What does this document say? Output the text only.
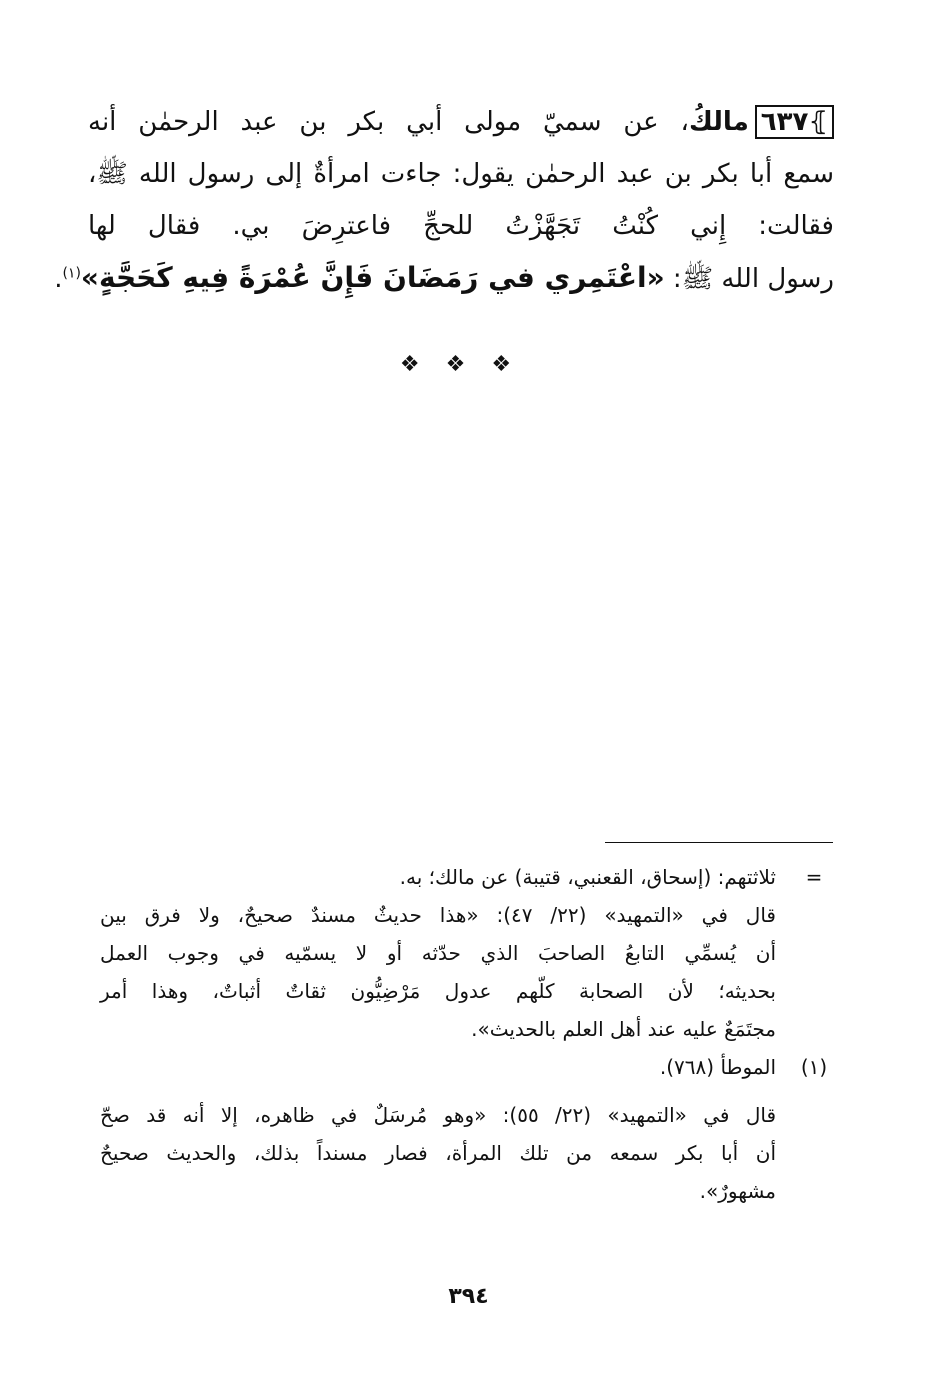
⦄٦٣٧مالكُ، عن سميّ مولى أبي بكر بن عبد الرحمٰن أنه
سمع أبا بكر بن عبد الرحمٰن يقول: جاءت امرأةٌ إلى رسول الله ﷺ،
فقالت: إِني كُنْتُ تَجَهَّزْتُ للحجِّ فاعترِضَ بي. فقال لها
رسول الله ﷺ: «اعْتَمِري في رَمَضَانَ فَإِنَّ عُمْرَةً فِيهِ كَحَجَّةٍ»$^{(١)}$.
❖❖❖
=
ثلاثتهم: (إسحاق، القعنبي، قتيبة) عن مالك؛ به.
قال في «التمهيد» (٢٢/ ٤٧): «هذا حديثٌ مسندٌ صحيحٌ، ولا فرق بين
أن يُسمِّي التابعُ الصاحبَ الذي حدّثه أو لا يسمّيه في وجوب العمل
بحديثه؛ لأن الصحابة كلّهم عدول مَرْضِيُّون ثقاتٌ أثباتٌ، وهذا أمر
مجتَمَعٌ عليه عند أهل العلم بالحديث».
(١)
الموطأ (٧٦٨).
قال في «التمهيد» (٢٢/ ٥٥): «وهو مُرسَلٌ في ظاهره، إلا أنه قد صحّ
أن أبا بكر سمعه من تلك المرأة، فصار مسنداً بذلك، والحديث صحيحٌ
مشهورٌ».
٣٩٤
